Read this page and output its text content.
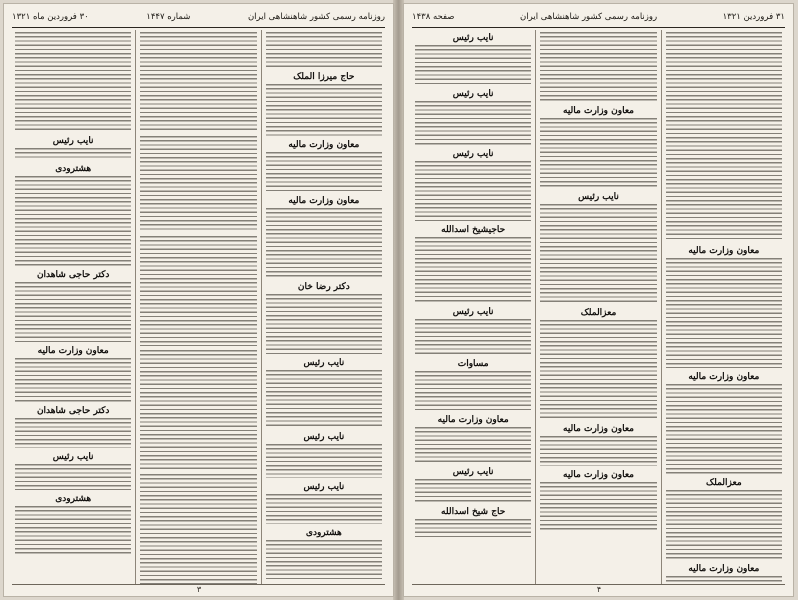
روزنامه رسمی کشور شاهنشاهی ایران
شماره ۱۴۴۷
۳۰ فروردین ماه ۱۳۲۱
حاج میرزا الملک
معاون وزارت مالیه
معاون وزارت مالیه
دکتر رضا خان
نایب رئیس
نایب رئیس
نایب رئیس
هشترودی
نایب رئیس
هشترودی
دکتر حاجی شاهدان
معاون وزارت مالیه
دکتر حاجی شاهدان
نایب رئیس
هشترودی
۳
۳۱ فروردین ۱۳۲۱
روزنامه رسمی کشور شاهنشاهی ایران
صفحه ۱۴۳۸
معاون وزارت مالیه
معاون وزارت مالیه
معزالملک
معاون وزارت مالیه
معاون وزارت مالیه
نایب رئیس
معزالملک
معاون وزارت مالیه
معاون وزارت مالیه
نایب رئیس
نایب رئیس
نایب رئیس
حاجیشیخ اسدالله
نایب رئیس
مساوات
معاون وزارت مالیه
نایب رئیس
حاج شیخ اسدالله
۴
